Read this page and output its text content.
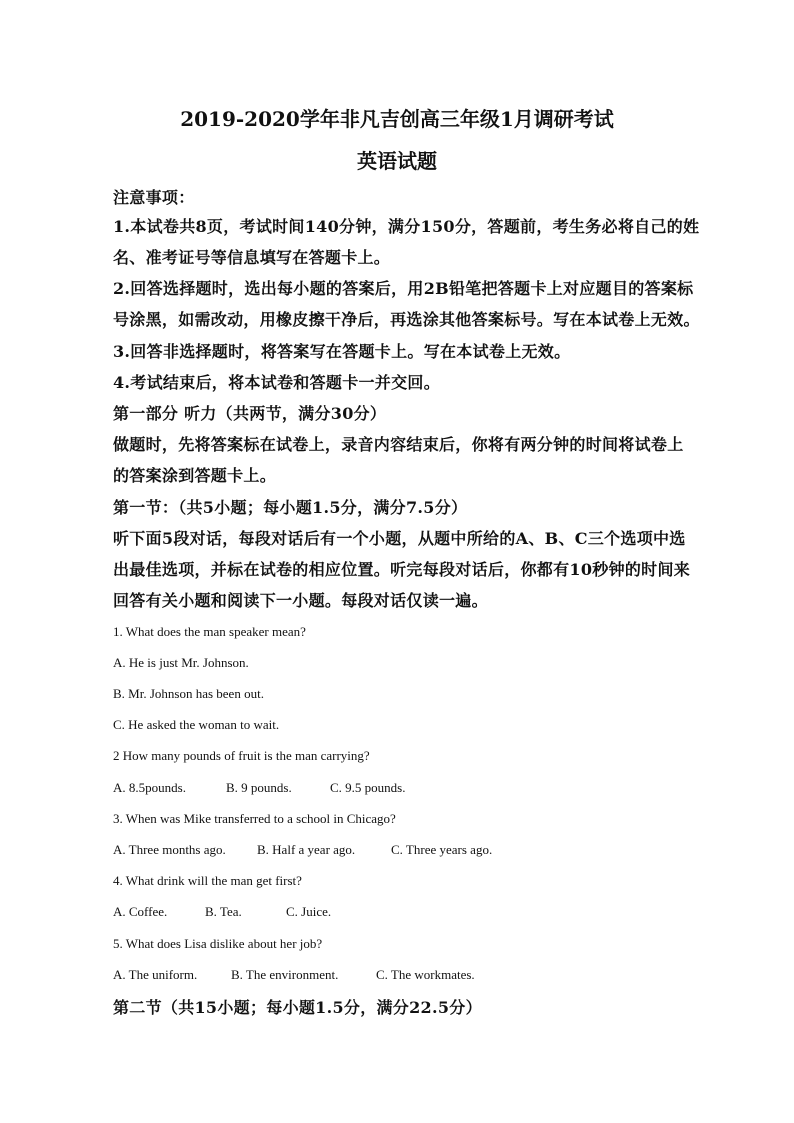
2019-2020学年非凡吉创高三年级1月调研考试
英语试题
注意事项：
1.本试卷共8页，考试时间140分钟，满分150分，答题前，考生务必将自己的姓
名、准考证号等信息填写在答题卡上。
2.回答选择题时，选出每小题的答案后，用2B铅笔把答题卡上对应题目的答案标
号涂黑，如需改动，用橡皮擦干净后，再选涂其他答案标号。写在本试卷上无效。
3.回答非选择题时，将答案写在答题卡上。写在本试卷上无效。
4.考试结束后，将本试卷和答题卡一并交回。
第一部分 听力（共两节，满分30分）
做题时，先将答案标在试卷上，录音内容结束后，你将有两分钟的时间将试卷上
的答案涂到答题卡上。
第一节：（共5小题；每小题1.5分，满分7.5分）
听下面5段对话，每段对话后有一个小题，从题中所给的A、B、C三个选项中选
出最佳选项，并标在试卷的相应位置。听完每段对话后，你都有10秒钟的时间来
回答有关小题和阅读下一小题。每段对话仅读一遍。
1. What does the man speaker mean?
A. He is just Mr. Johnson.
B. Mr. Johnson has been out.
C. He asked the woman to wait.
2 How many pounds of fruit is the man carrying?
A. 8.5pounds.	B. 9 pounds.	C. 9.5 pounds.
3. When was Mike transferred to a school in Chicago?
A. Three months ago. B. Half a year ago.	C. Three years ago.
4. What drink will the man get first?
A. Coffee.	B. Tea.	C. Juice.
5. What does Lisa dislike about her job?
A. The uniform.	B. The environment.	C. The workmates.
第二节（共15小题；每小题1.5分，满分22.5分）
